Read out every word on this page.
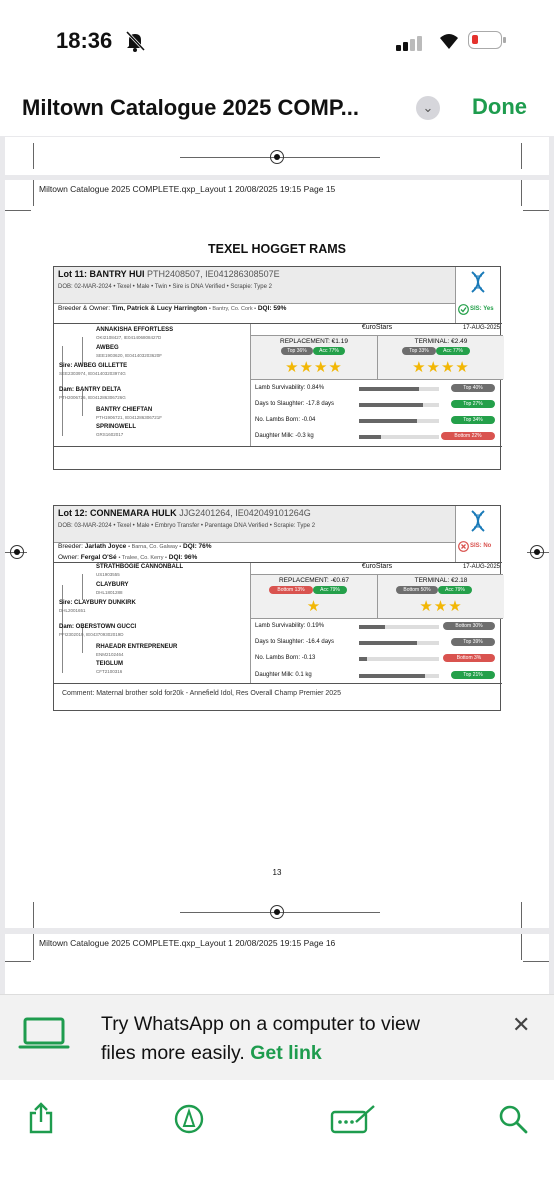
18:36
Miltown Catalogue 2025 COMP...	⌄ Done
Miltown Catalogue 2025 COMPLETE.qxp_Layout 1 20/08/2025 19:15 Page 15
TEXEL HOGGET RAMS
Lot 11: BANTRY HUI PTH2408507, IE041286308507E
DOB: 02-MAR-2024 • Texel • Male • Twin • Sire is DNA Verified • Scrapie: Type 2
Breeder & Owner: Tim, Patrick & Lucy Harrington • Bantry, Co. Cork • DQI: 59%	SIS: Yes
ANNAKISHA EFFORTLESS
OKI2108427, IE041406808427D
AWBEG
SEE1903620, IE041403203620F
Sire: AWBEG GILLETTE
SEE2303974, IE041403203974G
Dam: BANTRY DELTA
PTH2006726, IE041286306726G
BANTRY CHIEFTAN
PTH1906721, IE041286306721F
SPRINGWELL
GRS1602017
€uroStars	17-AUG-2025
REPLACEMENT: €1.19
Top 36%	Acc 77%
★★★★
TERMINAL: €2.49
Top 33%	Acc 77%
★★★★
Lamb Survivability: 0.84%	Top 40%
Days to Slaughter: -17.8 days	Top 27%
No. Lambs Born: -0.04	Top 34%
Daughter Milk: -0.3 kg	Bottom 22%
Lot 12: CONNEMARA HULK JJG2401264, IE042049101264G
DOB: 03-MAR-2024 • Texel • Male • Embryo Transfer • Parentage DNA Verified • Scrapie: Type 2
Breeder: Jarlath Joyce • Barna, Co. Galway • DQI: 76%
Owner: Fergal O'Sé • Tralee, Co. Kerry • DQI: 96%
SIS: No
STRATHBOGIE CANNONBALL
US1903555
CLAYBURY
DHL1801288
Sire: CLAYBURY DUNKIRK
DHL2001651
Dam: OBERSTOWN GUCCI
PFI2302019, IE043709302019D
RHAEADR ENTREPRENEUR
ENM2102464
TEIGLUM
CFT2100316
€uroStars	17-AUG-2025
REPLACEMENT: -€0.67
Bottom 13%	Acc 79%
★
TERMINAL: €2.18
Bottom 50%	Acc 79%
★★★
Lamb Survivability: 0.19%	Bottom 30%
Days to Slaughter: -16.4 days	Top 39%
No. Lambs Born: -0.13	Bottom 3%
Daughter Milk: 0.1 kg	Top 21%
Comment: Maternal brother sold for20k - Annefield Idol, Res Overall Champ Premier 2025
13
Miltown Catalogue 2025 COMPLETE.qxp_Layout 1 20/08/2025 19:15 Page 16
Try WhatsApp on a computer to view
files more easily. Get link
✕
